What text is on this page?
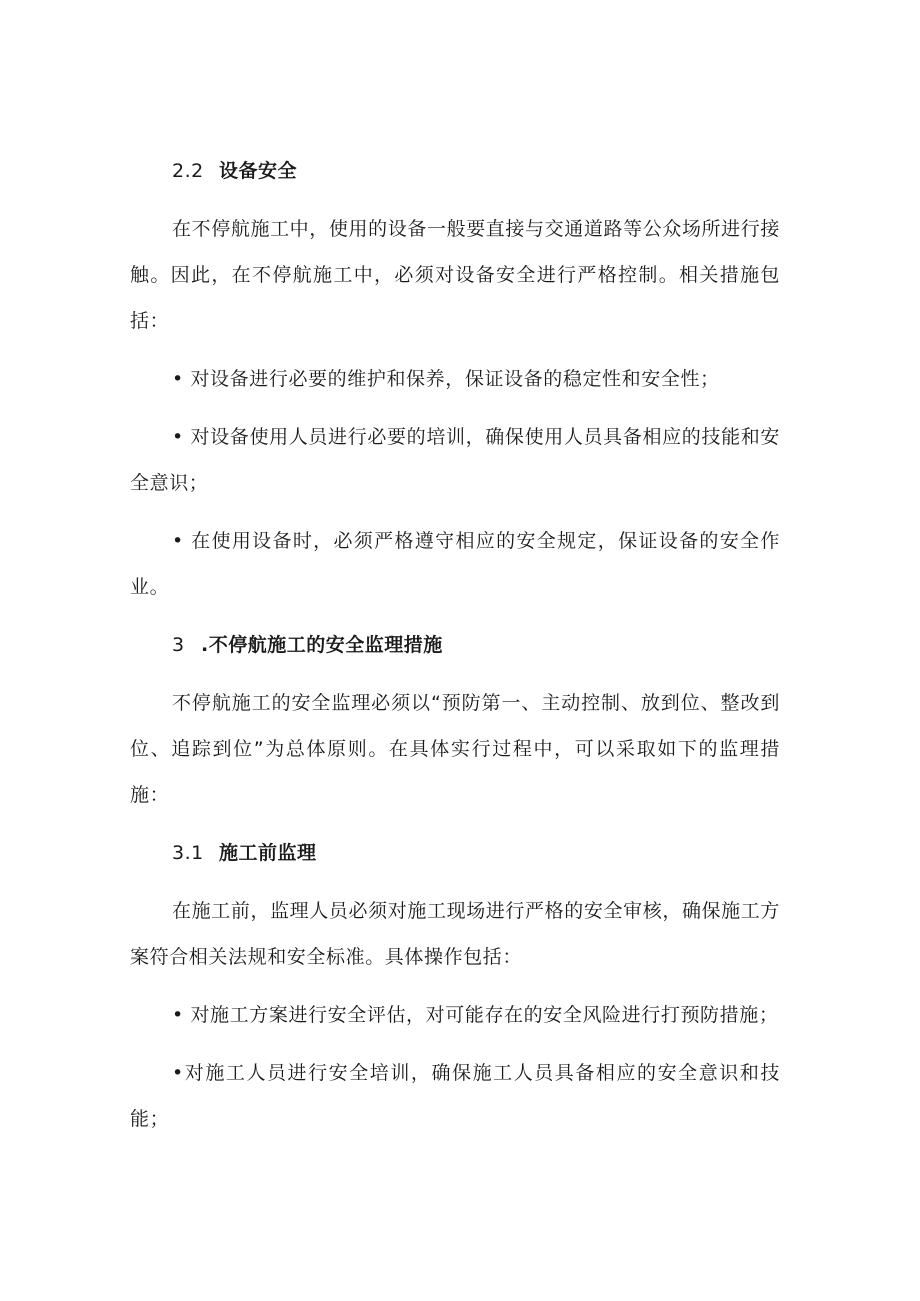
2.2 设备安全

在不停航施工中，使用的设备一般要直接与交通道路等公众场所进行接触。因此，在不停航施工中，必须对设备安全进行严格控制。相关措施包括：

• 对设备进行必要的维护和保养，保证设备的稳定性和安全性；

• 对设备使用人员进行必要的培训，确保使用人员具备相应的技能和安全意识；

• 在使用设备时，必须严格遵守相应的安全规定，保证设备的安全作业。

3 .不停航施工的安全监理措施

不停航施工的安全监理必须以“预防第一、主动控制、放到位、整改到位、追踪到位”为总体原则。在具体实行过程中，可以采取如下的监理措施：

3.1 施工前监理

在施工前，监理人员必须对施工现场进行严格的安全审核，确保施工方案符合相关法规和安全标准。具体操作包括：

• 对施工方案进行安全评估，对可能存在的安全风险进行打预防措施；

•对施工人员进行安全培训，确保施工人员具备相应的安全意识和技能；
